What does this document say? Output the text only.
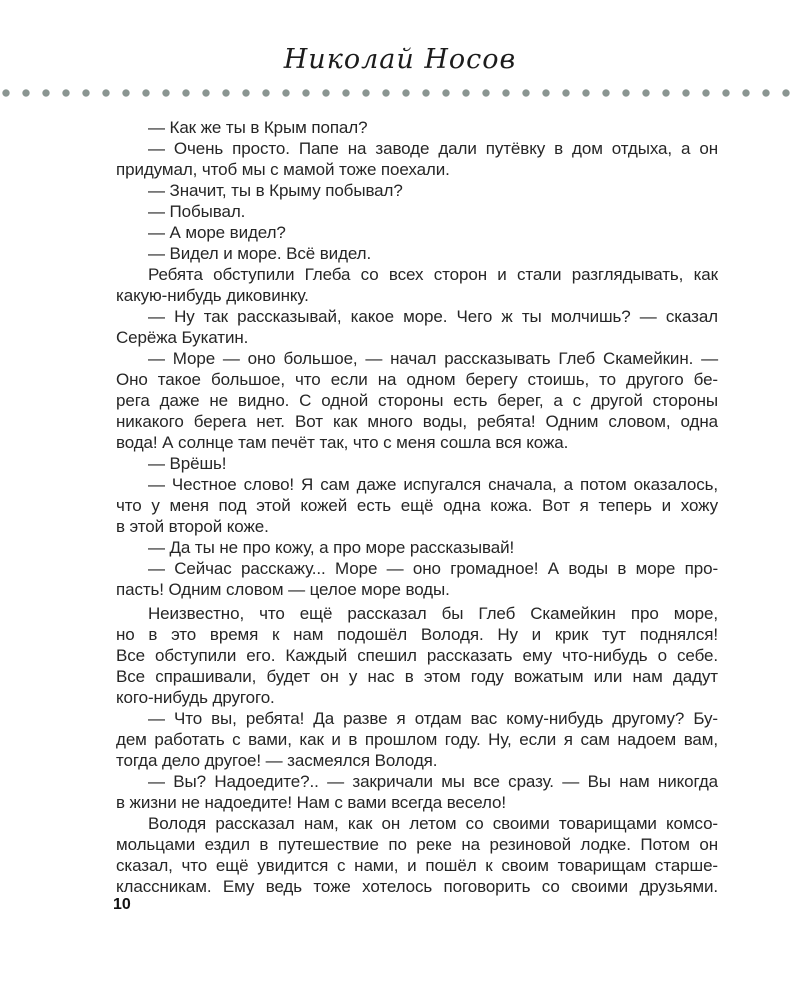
Николай Носов
— Как же ты в Крым попал?
— Очень просто. Папе на заводе дали путёвку в дом отдыха, а он
придумал, чтоб мы с мамой тоже поехали.
— Значит, ты в Крыму побывал?
— Побывал.
— А море видел?
— Видел и море. Всё видел.
Ребята обступили Глеба со всех сторон и стали разглядывать, как
какую-нибудь диковинку.
— Ну так рассказывай, какое море. Чего ж ты молчишь? — сказал
Серёжа Букатин.
— Море — оно большое, — начал рассказывать Глеб Скамейкин. —
Оно такое большое, что если на одном берегу стоишь, то другого бе-
рега даже не видно. С одной стороны есть берег, а с другой стороны
никакого берега нет. Вот как много воды, ребята! Одним словом, одна
вода! А солнце там печёт так, что с меня сошла вся кожа.
— Врёшь!
— Честное слово! Я сам даже испугался сначала, а потом оказалось,
что у меня под этой кожей есть ещё одна кожа. Вот я теперь и хожу
в этой второй коже.
— Да ты не про кожу, а про море рассказывай!
— Сейчас расскажу... Море — оно громадное! А воды в море про-
пасть! Одним словом — целое море воды.
Неизвестно, что ещё рассказал бы Глеб Скамейкин про море,
но в это время к нам подошёл Володя. Ну и крик тут поднялся!
Все обступили его. Каждый спешил рассказать ему что-нибудь о себе.
Все спрашивали, будет он у нас в этом году вожатым или нам дадут
кого-нибудь другого.
— Что вы, ребята! Да разве я отдам вас кому-нибудь другому? Бу-
дем работать с вами, как и в прошлом году. Ну, если я сам надоем вам,
тогда дело другое! — засмеялся Володя.
— Вы? Надоедите?.. — закричали мы все сразу. — Вы нам никогда
в жизни не надоедите! Нам с вами всегда весело!
Володя рассказал нам, как он летом со своими товарищами комсо-
мольцами ездил в путешествие по реке на резиновой лодке. Потом он
сказал, что ещё увидится с нами, и пошёл к своим товарищам старше-
классникам. Ему ведь тоже хотелось поговорить со своими друзьями.
10
